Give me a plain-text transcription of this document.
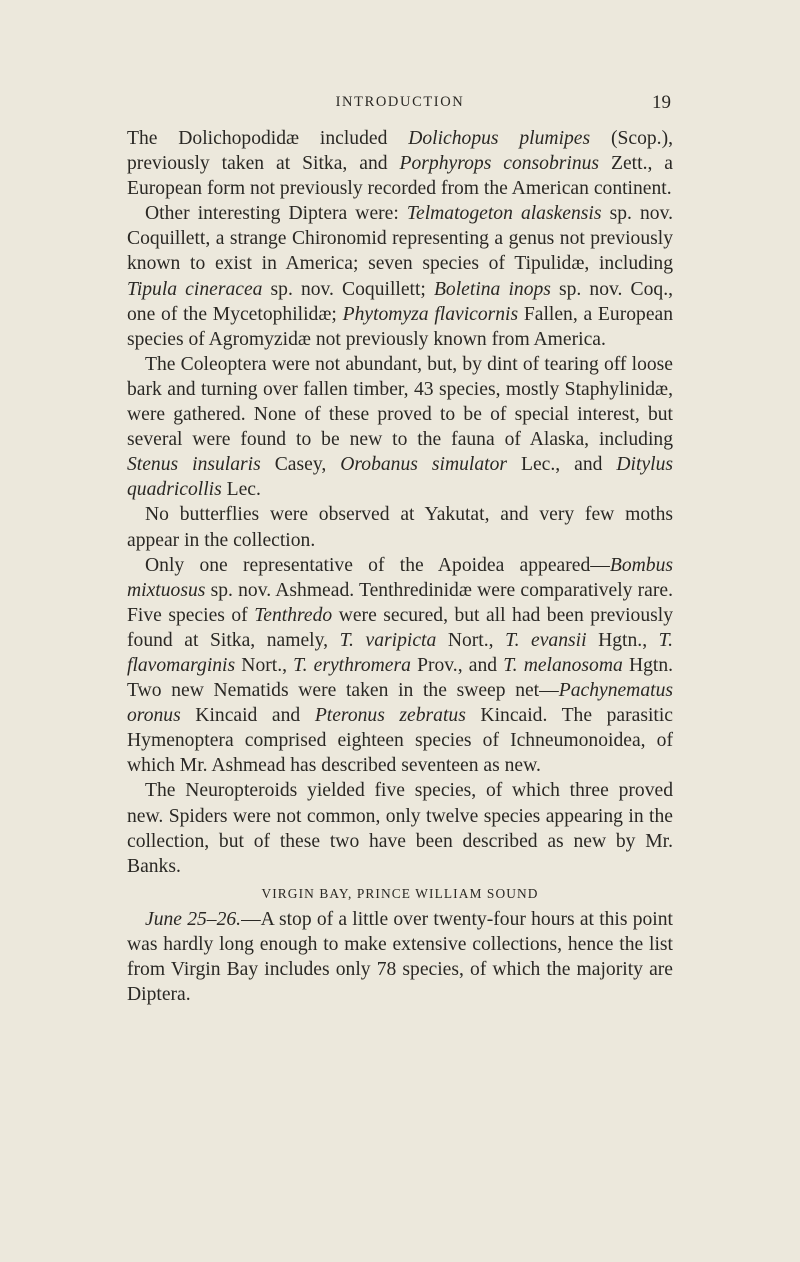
INTRODUCTION	19

The Dolichopodidæ included Dolichopus plumipes (Scop.), previously taken at Sitka, and Porphyrops consobrinus Zett., a European form not previously recorded from the American continent.

Other interesting Diptera were: Telmatogeton alaskensis sp. nov. Coquillett, a strange Chironomid representing a genus not previously known to exist in America; seven species of Tipulidæ, including Tipula cineracea sp. nov. Coquillett; Boletina inops sp. nov. Coq., one of the Mycetophilidæ; Phytomyza flavicornis Fallen, a European species of Agromyzidæ not previously known from America.

The Coleoptera were not abundant, but, by dint of tearing off loose bark and turning over fallen timber, 43 species, mostly Staphylinidæ, were gathered. None of these proved to be of special interest, but several were found to be new to the fauna of Alaska, including Stenus insularis Casey, Orobanus simulator Lec., and Ditylus quadricollis Lec.

No butterflies were observed at Yakutat, and very few moths appear in the collection.

Only one representative of the Apoidea appeared—Bombus mixtuosus sp. nov. Ashmead. Tenthredinidæ were comparatively rare. Five species of Tenthredo were secured, but all had been previously found at Sitka, namely, T. varipicta Nort., T. evansii Hgtn., T. flavomarginis Nort., T. erythromera Prov., and T. melanosoma Hgtn. Two new Nematids were taken in the sweep net—Pachynematus oronus Kincaid and Pteronus zebratus Kincaid. The parasitic Hymenoptera comprised eighteen species of Ichneumonoidea, of which Mr. Ashmead has described seventeen as new.

The Neuropteroids yielded five species, of which three proved new. Spiders were not common, only twelve species appearing in the collection, but of these two have been described as new by Mr. Banks.

VIRGIN BAY, PRINCE WILLIAM SOUND

June 25–26.—A stop of a little over twenty-four hours at this point was hardly long enough to make extensive collections, hence the list from Virgin Bay includes only 78 species, of which the majority are Diptera.
